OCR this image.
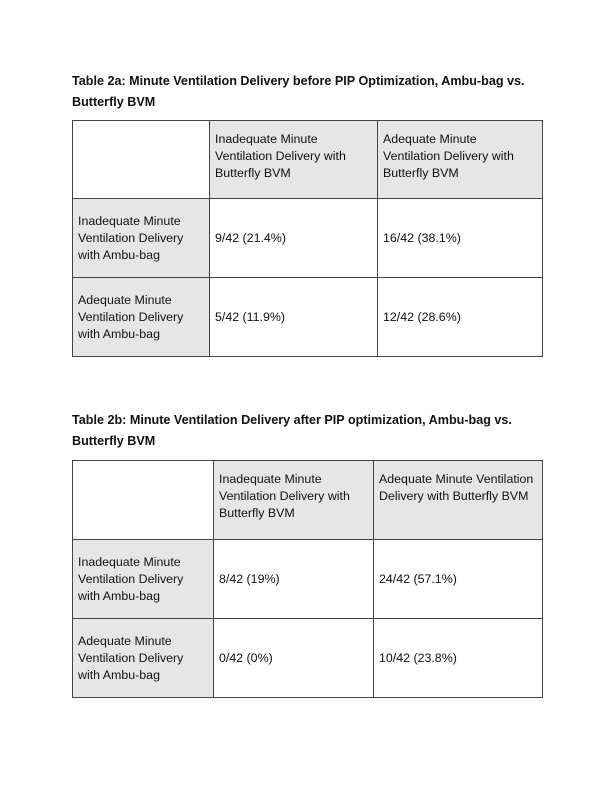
Table 2a: Minute Ventilation Delivery before PIP Optimization, Ambu-bag vs. Butterfly BVM

	Inadequate Minute Ventilation Delivery with Butterfly BVM	Adequate Minute Ventilation Delivery with Butterfly BVM
Inadequate Minute Ventilation Delivery with Ambu-bag	9/42 (21.4%)	16/42 (38.1%)
Adequate Minute Ventilation Delivery with Ambu-bag	5/42 (11.9%)	12/42 (28.6%)

Table 2b: Minute Ventilation Delivery after PIP optimization, Ambu-bag vs. Butterfly BVM

	Inadequate Minute Ventilation Delivery with Butterfly BVM	Adequate Minute Ventilation Delivery with Butterfly BVM
Inadequate Minute Ventilation Delivery with Ambu-bag	8/42 (19%)	24/42 (57.1%)
Adequate Minute Ventilation Delivery with Ambu-bag	0/42 (0%)	10/42 (23.8%)
